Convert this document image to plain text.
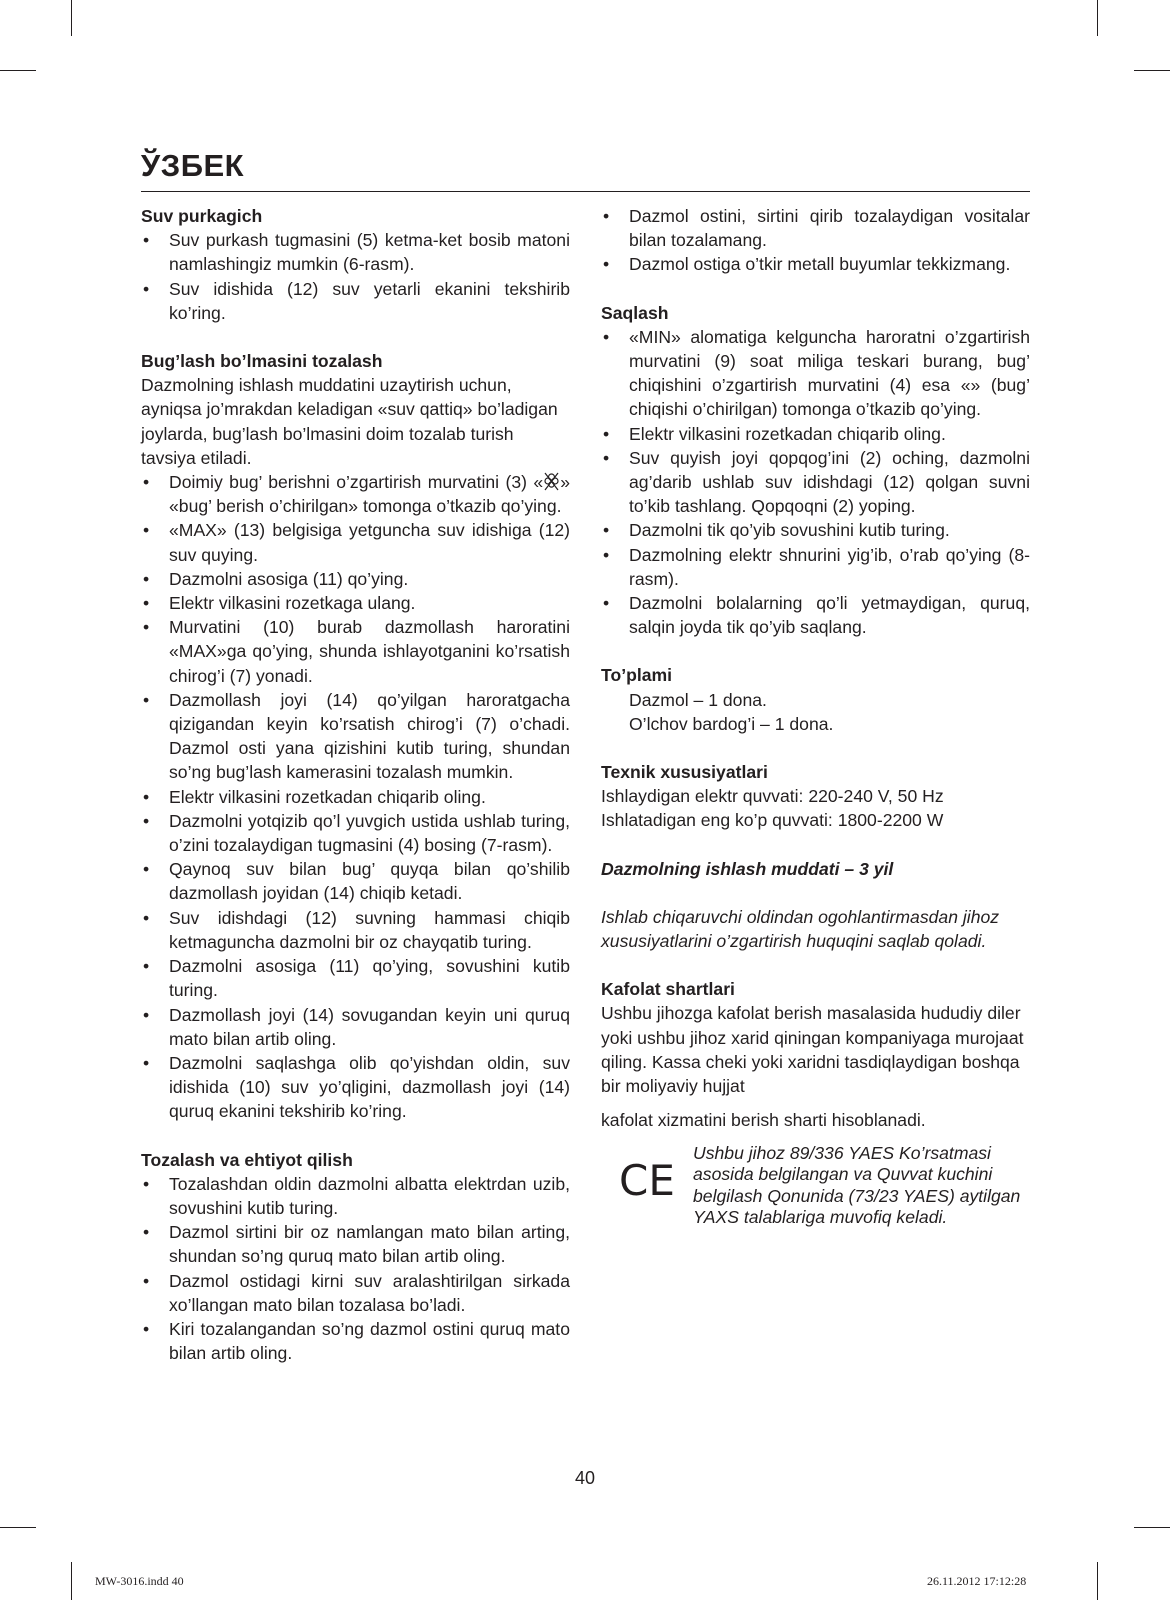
ЎЗБЕК

Suv purkagich

• Suv purkash tugmasini (5) ketma-ket bosib matoni namlashingiz mumkin (6-rasm).
• Suv idishida (12) suv yetarli ekanini tekshirib ko’ring.

Bug’lash bo’lmasini tozalash

Dazmolning ishlash muddatini uzaytirish uchun, ayniqsa jo’mrakdan keladigan «suv qattiq» bo’ladigan joylarda, bug’lash bo’lmasini doim tozalab turish tavsiya etiladi.

• Doimiy bug’ berishni o’zgartirish murvatini (3) « » «bug’ berish o’chirilgan» tomonga o’tkazib qo’ying.
• «MAX» (13) belgisiga yetguncha suv idishiga (12) suv quying.
• Dazmolni asosiga (11) qo’ying.
• Elektr vilkasini rozetkaga ulang.
• Murvatini (10) burab dazmollash haroratini «MAX»ga qo’ying, shunda ishlayotganini ko’rsatish chirog’i (7) yonadi.
• Dazmollash joyi (14) qo’yilgan haroratgacha qizigandan keyin ko’rsatish chirog’i (7) o’chadi. Dazmol osti yana qizishini kutib turing, shundan so’ng bug’lash kamerasini tozalash mumkin.
• Elektr vilkasini rozetkadan chiqarib oling.
• Dazmolni yotqizib qo’l yuvgich ustida ushlab turing, o’zini tozalaydigan tugmasini (4) bosing (7-rasm).
• Qaynoq suv bilan bug’ quyqa bilan qo’shilib dazmollash joyidan (14) chiqib ketadi.
• Suv idishdagi (12) suvning hammasi chiqib ketmaguncha dazmolni bir oz chayqatib turing.
• Dazmolni asosiga (11) qo’ying, sovushini kutib turing.
• Dazmollash joyi (14) sovugandan keyin uni quruq mato bilan artib oling.
• Dazmolni saqlashga olib qo’yishdan oldin, suv idishida (10) suv yo’qligini, dazmollash joyi (14) quruq ekanini tekshirib ko’ring.

Tozalash va ehtiyot qilish

• Tozalashdan oldin dazmolni albatta elektrdan uzib, sovushini kutib turing.
• Dazmol sirtini bir oz namlangan mato bilan arting, shundan so’ng quruq mato bilan artib oling.
• Dazmol ostidagi kirni suv aralashtirilgan sirkada xo’llangan mato bilan tozalasa bo’ladi.
• Kiri tozalangandan so’ng dazmol ostini quruq mato bilan artib oling.
• Dazmol ostini, sirtini qirib tozalaydigan vositalar bilan tozalamang.
• Dazmol ostiga o’tkir metall buyumlar tekkizmang.

Saqlash

• «MIN» alomatiga kelguncha haroratni o’zgartirish murvatini (9) soat miliga teskari burang, bug’ chiqishini o’zgartirish murvatini (4) esa «» (bug’ chiqishi o’chirilgan) tomonga o’tkazib qo’ying.
• Elektr vilkasini rozetkadan chiqarib oling.
• Suv quyish joyi qopqog’ini (2) oching, dazmolni ag’darib ushlab suv idishdagi (12) qolgan suvni to’kib tashlang. Qopqoqni (2) yoping.
• Dazmolni tik qo’yib sovushini kutib turing.
• Dazmolning elektr shnurini yig’ib, o’rab qo’ying (8-rasm).
• Dazmolni bolalarning qo’li yetmaydigan, quruq, salqin joyda tik qo’yib saqlang.

To’plami

Dazmol – 1 dona.

O’lchov bardog’i – 1 dona.

Texnik xususiyatlari

Ishlaydigan elektr quvvati: 220-240 V, 50 Hz

Ishlatadigan eng ko’p quvvati: 1800-2200 W

Dazmolning ishlash muddati – 3 yil

Ishlab chiqaruvchi oldindan ogohlantirmasdan jihoz xususiyatlarini o’zgartirish huquqini saqlab qoladi.

Kafolat shartlari

Ushbu jihozga kafolat berish masalasida hududiy diler yoki ushbu jihoz xarid qiningan kompaniyaga murojaat qiling. Kassa cheki yoki xaridni tasdiqlaydigan boshqa bir moliyaviy hujjat

kafolat xizmatini berish sharti hisoblanadi.

CE
Ushbu jihoz 89/336 YAES Ko’rsatmasi asosida belgilangan va Quvvat kuchini belgilash Qonunida (73/23 YAES) aytilgan YAXS talablariga muvofiq keladi.
40
MW-3016.indd 40	26.11.2012 17:12:28
